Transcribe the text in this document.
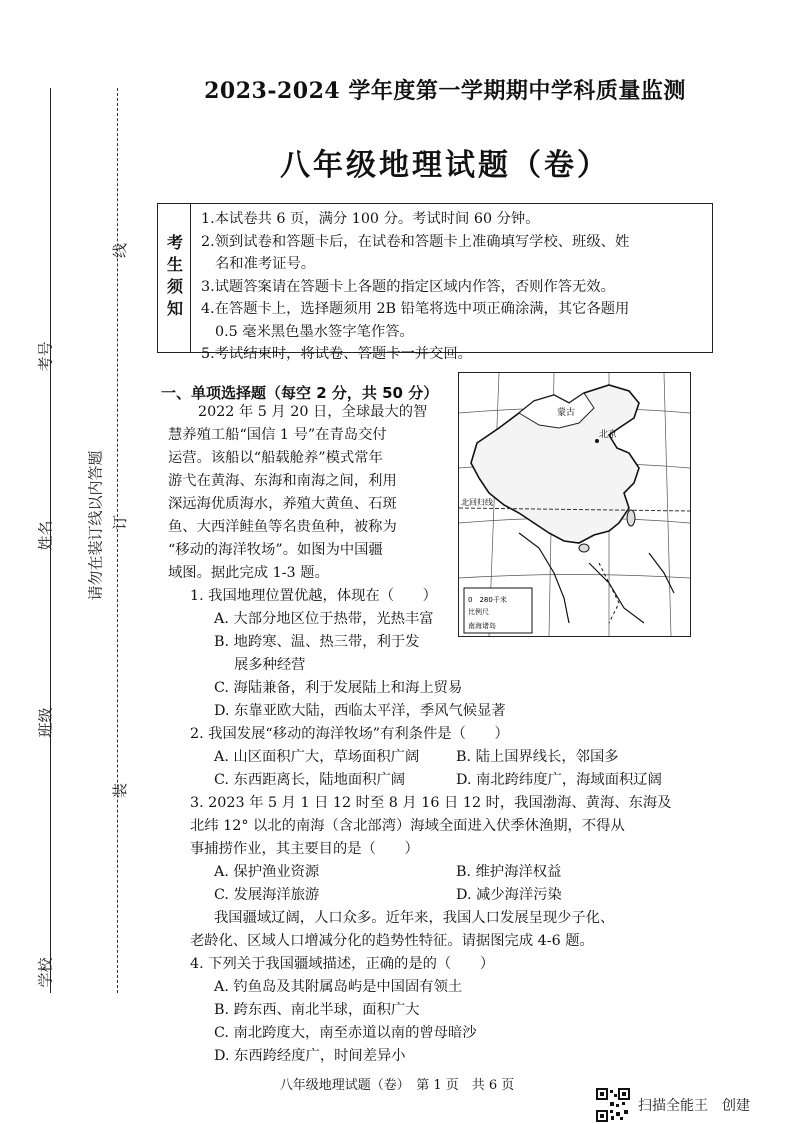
线
考号
姓名	订
请勿在装订线以内答题
班级
装
学校
2023-2024 学年度第一学期期中学科质量监测
八年级地理试题（卷）
考生须知
1.本试卷共 6 页，满分 100 分。考试时间 60 分钟。
2.领到试卷和答题卡后，在试卷和答题卡上准确填写学校、班级、姓
名和准考证号。
3.试题答案请在答题卡上各题的指定区域内作答，否则作答无效。
4.在答题卡上，选择题须用 2B 铅笔将选中项正确涂满，其它各题用
0.5 毫米黑色墨水签字笔作答。
5.考试结束时，将试卷、答题卡一并交回。
一、单项选择题（每空 2 分，共 50 分）
2022 年 5 月 20 日，全球最大的智
慧养殖工船“国信 1 号”在青岛交付
运营。该船以“船载舱养”模式常年
游弋在黄海、东海和南海之间，利用
深远海优质海水，养殖大黄鱼、石斑
鱼、大西洋鲑鱼等名贵鱼种，被称为
“移动的海洋牧场”。如图为中国疆
域图。据此完成 1-3 题。
蒙古
北京
北回归线
0　280千米
比例尺
南海诸岛
1. 我国地理位置优越，体现在（　　）
A. 大部分地区位于热带，光热丰富
B. 地跨寒、温、热三带，利于发
展多种经营
C. 海陆兼备，利于发展陆上和海上贸易
D. 东靠亚欧大陆，西临太平洋，季风气候显著
2. 我国发展“移动的海洋牧场”有利条件是（　　）
A. 山区面积广大，草场面积广阔	B. 陆上国界线长，邻国多
C. 东西距离长，陆地面积广阔	D. 南北跨纬度广，海域面积辽阔
3. 2023 年 5 月 1 日 12 时至 8 月 16 日 12 时，我国渤海、黄海、东海及
北纬 12° 以北的南海（含北部湾）海域全面进入伏季休渔期，不得从
事捕捞作业，其主要目的是（　　）
A. 保护渔业资源	B. 维护海洋权益
C. 发展海洋旅游	D. 减少海洋污染
我国疆域辽阔，人口众多。近年来，我国人口发展呈现少子化、
老龄化、区域人口增减分化的趋势性特征。请据图完成 4-6 题。
4. 下列关于我国疆域描述，正确的是的（　　）
A. 钓鱼岛及其附属岛屿是中国固有领土
B. 跨东西、南北半球，面积广大
C. 南北跨度大，南至赤道以南的曾母暗沙
D. 东西跨经度广，时间差异小
八年级地理试题（卷）　第 1 页　共 6 页
扫描全能王　创建
